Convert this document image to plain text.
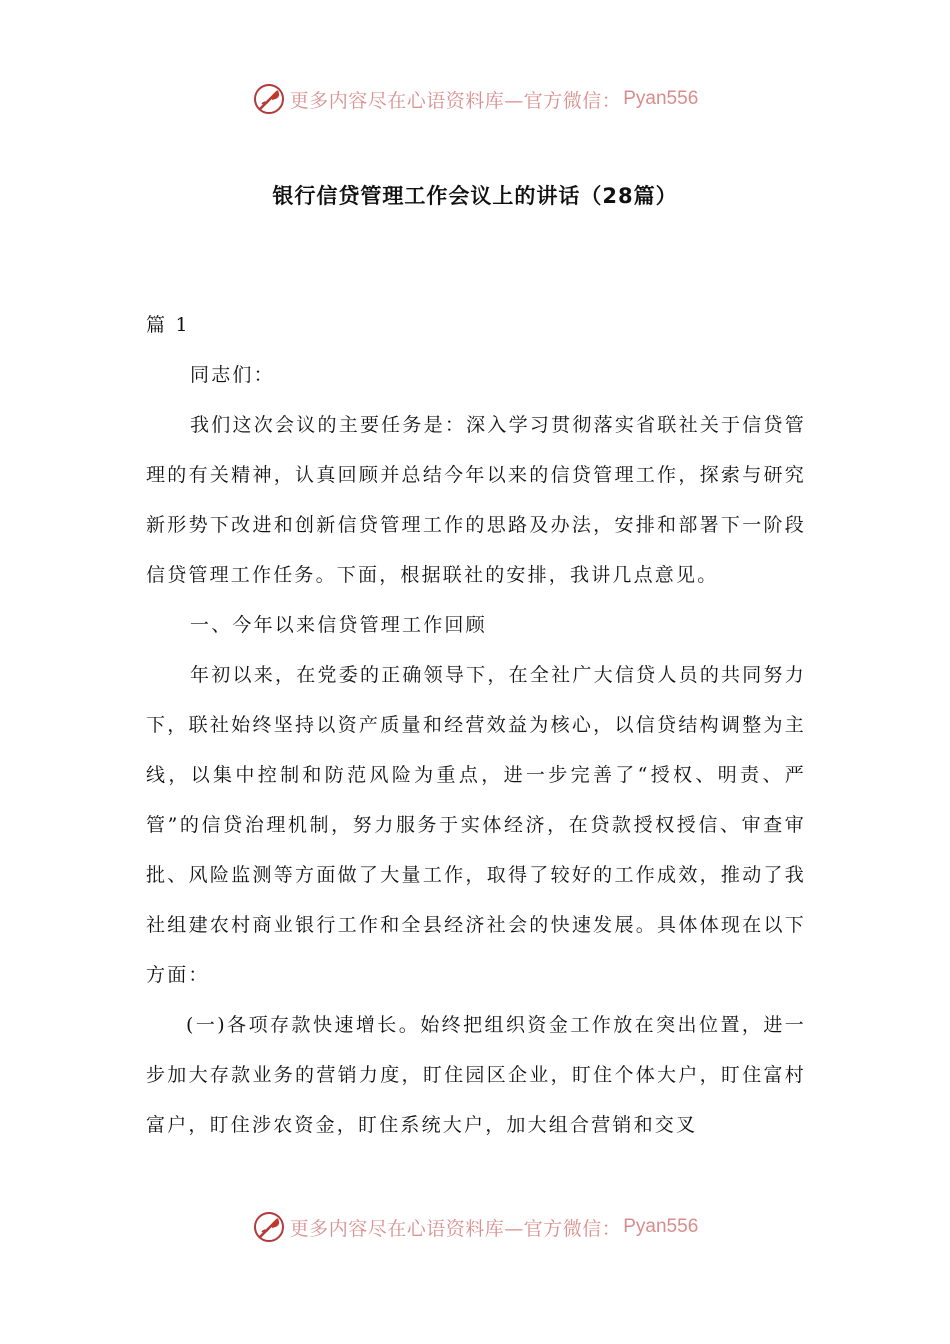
更多内容尽在心语资料库—官方微信： Pyan556
银行信贷管理工作会议上的讲话（28篇）

篇 1

同志们：

我们这次会议的主要任务是：深入学习贯彻落实省联社关于信贷管理的有关精神，认真回顾并总结今年以来的信贷管理工作，探索与研究新形势下改进和创新信贷管理工作的思路及办法，安排和部署下一阶段信贷管理工作任务。下面，根据联社的安排，我讲几点意见。

一、今年以来信贷管理工作回顾

年初以来，在党委的正确领导下，在全社广大信贷人员的共同努力下，联社始终坚持以资产质量和经营效益为核心，以信贷结构调整为主线，以集中控制和防范风险为重点，进一步完善了“授权、明责、严管”的信贷治理机制，努力服务于实体经济，在贷款授权授信、审查审批、风险监测等方面做了大量工作，取得了较好的工作成效，推动了我社组建农村商业银行工作和全县经济社会的快速发展。具体体现在以下方面：

(一)各项存款快速增长。始终把组织资金工作放在突出位置，进一步加大存款业务的营销力度，盯住园区企业，盯住个体大户，盯住富村富户，盯住涉农资金，盯住系统大户，加大组合营销和交叉

更多内容尽在心语资料库—官方微信： Pyan556
